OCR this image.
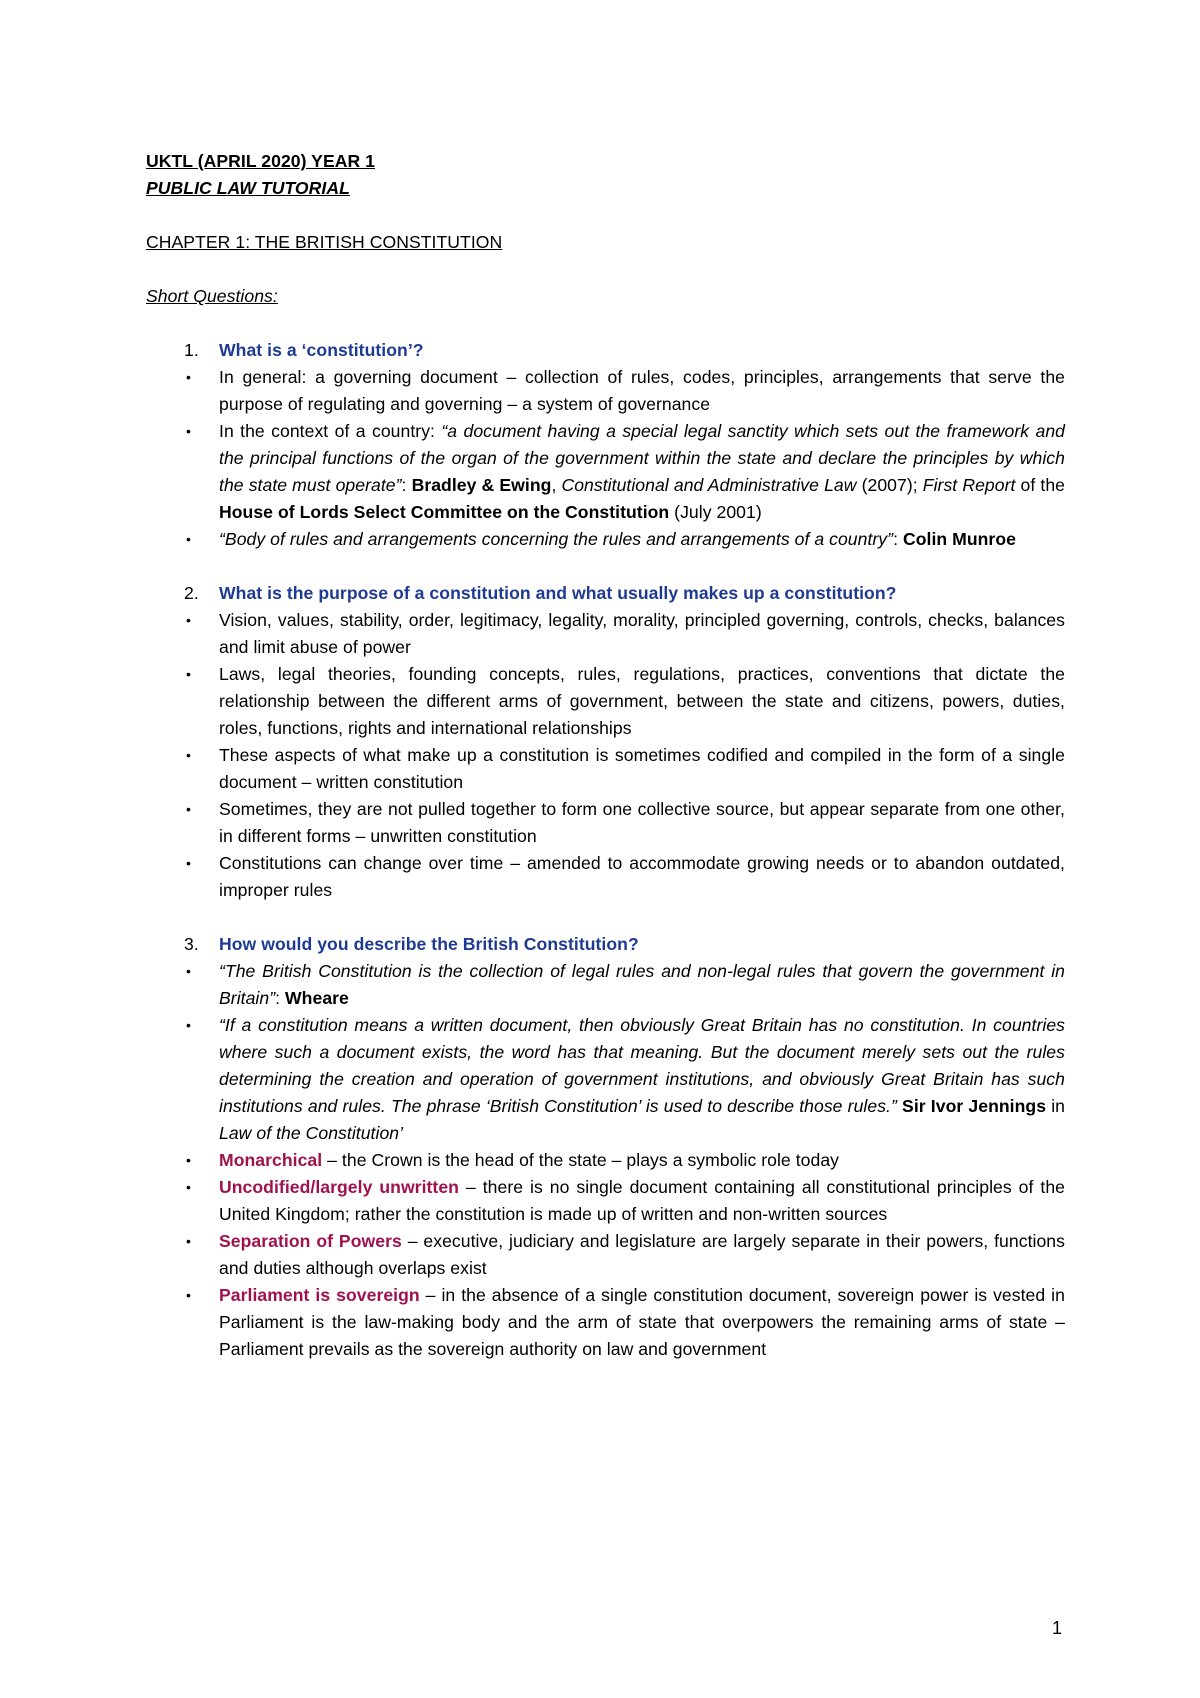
UKTL (APRIL 2020) YEAR 1

PUBLIC LAW TUTORIAL

CHAPTER 1: THE BRITISH CONSTITUTION

Short Questions:

1. What is a ‘constitution’?
• In general: a governing document – collection of rules, codes, principles, arrangements that serve the purpose of regulating and governing – a system of governance
• In the context of a country: “a document having a special legal sanctity which sets out the framework and the principal functions of the organ of the government within the state and declare the principles by which the state must operate”: Bradley & Ewing, Constitutional and Administrative Law (2007); First Report of the House of Lords Select Committee on the Constitution (July 2001)
• “Body of rules and arrangements concerning the rules and arrangements of a country”: Colin Munroe
2. What is the purpose of a constitution and what usually makes up a constitution?
• Vision, values, stability, order, legitimacy, legality, morality, principled governing, controls, checks, balances and limit abuse of power
• Laws, legal theories, founding concepts, rules, regulations, practices, conventions that dictate the relationship between the different arms of government, between the state and citizens, powers, duties, roles, functions, rights and international relationships
• These aspects of what make up a constitution is sometimes codified and compiled in the form of a single document – written constitution
• Sometimes, they are not pulled together to form one collective source, but appear separate from one other, in different forms – unwritten constitution
• Constitutions can change over time – amended to accommodate growing needs or to abandon outdated, improper rules
3. How would you describe the British Constitution?
• “The British Constitution is the collection of legal rules and non-legal rules that govern the government in Britain”: Wheare
• “If a constitution means a written document, then obviously Great Britain has no constitution. In countries where such a document exists, the word has that meaning. But the document merely sets out the rules determining the creation and operation of government institutions, and obviously Great Britain has such institutions and rules. The phrase ‘British Constitution’ is used to describe those rules.” Sir Ivor Jennings in Law of the Constitution’
• Monarchical – the Crown is the head of the state – plays a symbolic role today
• Uncodified/largely unwritten – there is no single document containing all constitutional principles of the United Kingdom; rather the constitution is made up of written and non-written sources
• Separation of Powers – executive, judiciary and legislature are largely separate in their powers, functions and duties although overlaps exist
• Parliament is sovereign – in the absence of a single constitution document, sovereign power is vested in Parliament is the law-making body and the arm of state that overpowers the remaining arms of state – Parliament prevails as the sovereign authority on law and government
1
